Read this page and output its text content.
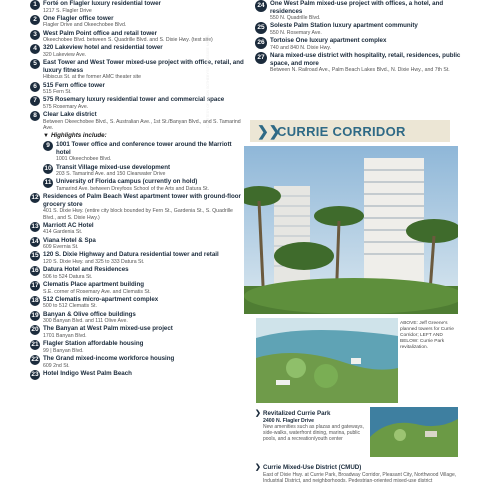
1 Forté on Flagler luxury residential tower
1217 S. Flagler Drive
2 One Flagler office tower
Flagler Drive and Okeechobee Blvd.
3 West Palm Point office and retail tower
Okeechobee Blvd. between S. Quadrille Blvd. and S. Dixie Hwy. (test site)
4 320 Lakeview hotel and residential tower
320 Lakeview Ave.
5 East Tower and West Tower mixed-use project with office, retail, and luxury fitness
Hibiscus St. at the former AMC theater site
6 515 Fern office tower
515 Fern St.
7 575 Rosemary luxury residential tower and commercial space
575 Rosemary Ave.
8 Clear Lake district
Between Okeechobee Blvd., S. Australian Ave., 1st St./Banyan Blvd., and S. Tamarind Ave.
▼ Highlights include:
9 1001 Tower office and conference tower around the Marriott hotel
1001 Okeechobee Blvd.
10 Transit Village mixed-use development
203 S. Tamarind Ave. and 150 Clearwater Drive
11 University of Florida campus (currently on hold)
Tamarind Ave. between Dreyfoos School of the Arts and Datura St.
12 Residences of Palm Beach West apartment tower with ground-floor grocery store
401 S. Dixie Hwy. (entire city block bounded by Fern St., Gardenia St., S. Quadrille Blvd., and S. Dixie Hwy.)
13 Marriott AC Hotel
414 Gardenia St.
14 Viana Hotel & Spa
609 Evernia St.
15 120 S. Dixie Highway and Datura residential tower and retail
120 S. Dixie Hwy. and 325 to 333 Datura St.
16 Datura Hotel and Residences
506 to 524 Datura St.
17 Clematis Place apartment building
S.E. corner of Rosemary Ave. and Clematis St.
18 512 Clematis micro-apartment complex
500 to 512 Clematis St.
19 Banyan & Olive office buildings
300 Banyan Blvd. and 111 Olive Ave.
20 The Banyan at West Palm mixed-use project
1701 Banyan Blvd.
21 Flagler Station affordable housing
99 | Banyan Blvd.
22 The Grand mixed-income workforce housing
609 2nd St.
23 Hotel Indigo West Palm Beach
24 One West Palm mixed-use project with offices, a hotel, and residences
550 N. Quadrille Blvd.
25 Soleste Palm Station luxury apartment community
550 N. Rosemary Ave.
26 Tortoise One luxury apartment complex
740 and 840 N. Dixie Hwy.
27 Nara mixed-use district with hospitality, retail, residences, public space, and more
Between N. Railroad Ave., Palm Beach Lakes Blvd., N. Dixie Hwy., and 7th St.
❯❯
CURRIE CORRIDOR
COURTESY OF VISION SOTHEBY'S/TENNESSEE MEDIA
ABOVE: Jeff Greene's planned towers for Currie Corridor; LEFT AND BELOW: Currie Park revitalization.
❯ Revitalized Currie Park
2400 N. Flagler Drive
New amenities such as plazas and gateways, side-walks, waterfront dining, marina, public pools, and a recreation/youth center
❯ Currie Mixed-Use District (CMUD)
East of Dixie Hwy. at Currie Park, Broadway Corridor, Pleasant City, Northwood Village, Industrial District, and neighborhoods. Pedestrian-oriented mixed-use district
